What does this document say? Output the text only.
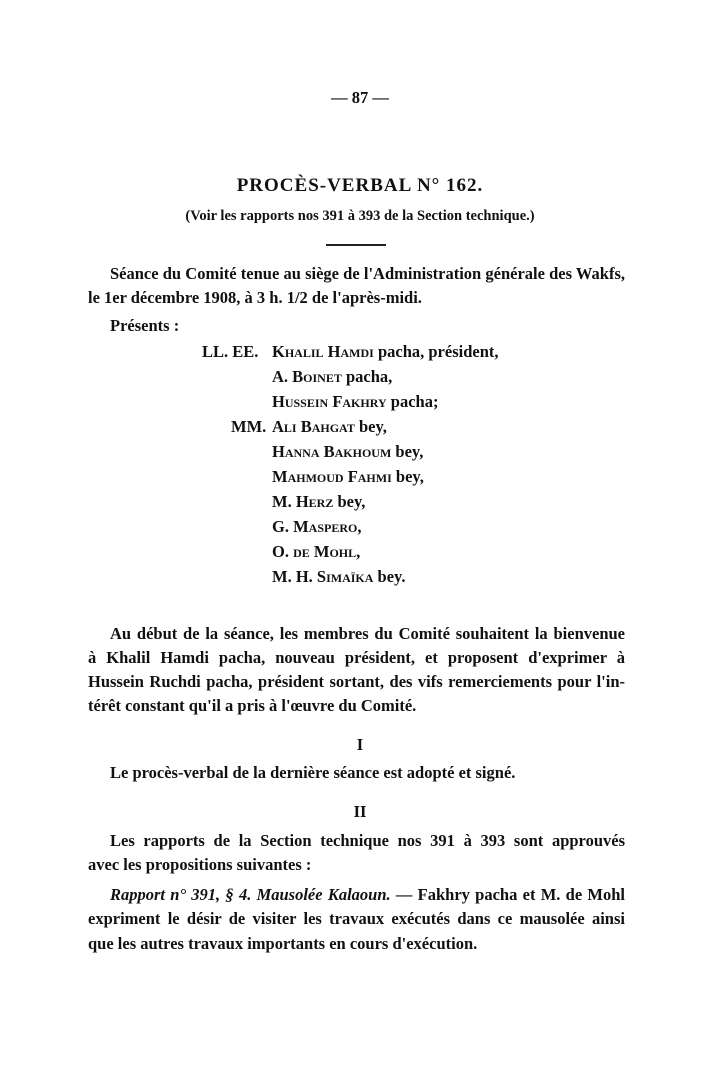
— 87 —
PROCÈS-VERBAL N° 162.
(Voir les rapports nos 391 à 393 de la Section technique.)
Séance du Comité tenue au siège de l'Administration générale des Wakfs,
le 1er décembre 1908, à 3 h. 1/2 de l'après-midi.
Présents :
LL. EE.
MM.
Khalil Hamdi pacha, président,
A. Boinet pacha,
Hussein Fakhry pacha;
Ali Bahgat bey,
Hanna Bakhoum bey,
Mahmoud Fahmi bey,
M. Herz bey,
G. Maspero,
O. de Mohl,
M. H. Simaïka bey.
Au début de la séance, les membres du Comité souhaitent la bienvenue
à Khalil Hamdi pacha, nouveau président, et proposent d'exprimer à
Hussein Ruchdi pacha, président sortant, des vifs remerciements pour l'in-
térêt constant qu'il a pris à l'œuvre du Comité.
I
Le procès-verbal de la dernière séance est adopté et signé.
II
Les rapports de la Section technique nos 391 à 393 sont approuvés
avec les propositions suivantes :
Rapport n° 391, § 4. Mausolée Kalaoun. — Fakhry pacha et M. de Mohl
expriment le désir de visiter les travaux exécutés dans ce mausolée ainsi
que les autres travaux importants en cours d'exécution.
